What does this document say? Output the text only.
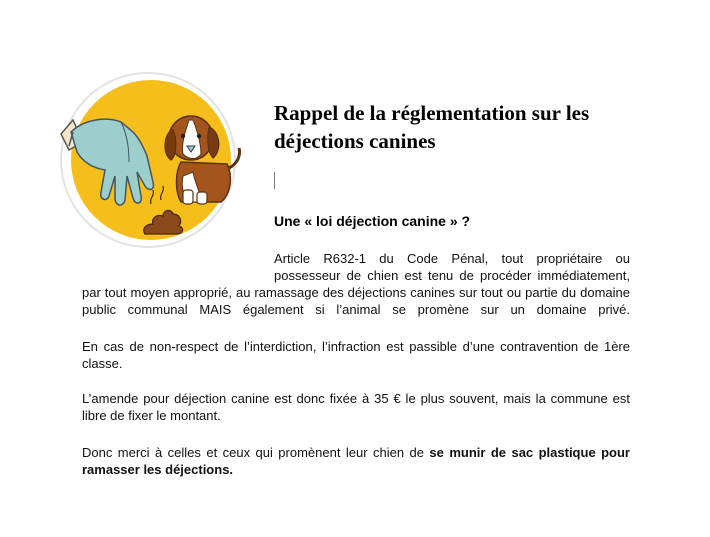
Rappel de la réglementation sur les
déjections canines
Une « loi déjection canine » ?
Article R632-1 du Code Pénal, tout propriétaire ou
possesseur de chien est tenu de procéder immédiatement,
par tout moyen approprié, au ramassage des déjections canines sur tout ou partie du domaine
public communal MAIS également si l’animal se promène sur un domaine privé.
En cas de non-respect de l’interdiction, l’infraction est passible d’une contravention de 1ère
classe.
L’amende pour déjection canine est donc fixée à 35 € le plus souvent, mais la commune est
libre de fixer le montant.
Donc merci à celles et ceux qui promènent leur chien de se munir de sac plastique pour
ramasser les déjections.
